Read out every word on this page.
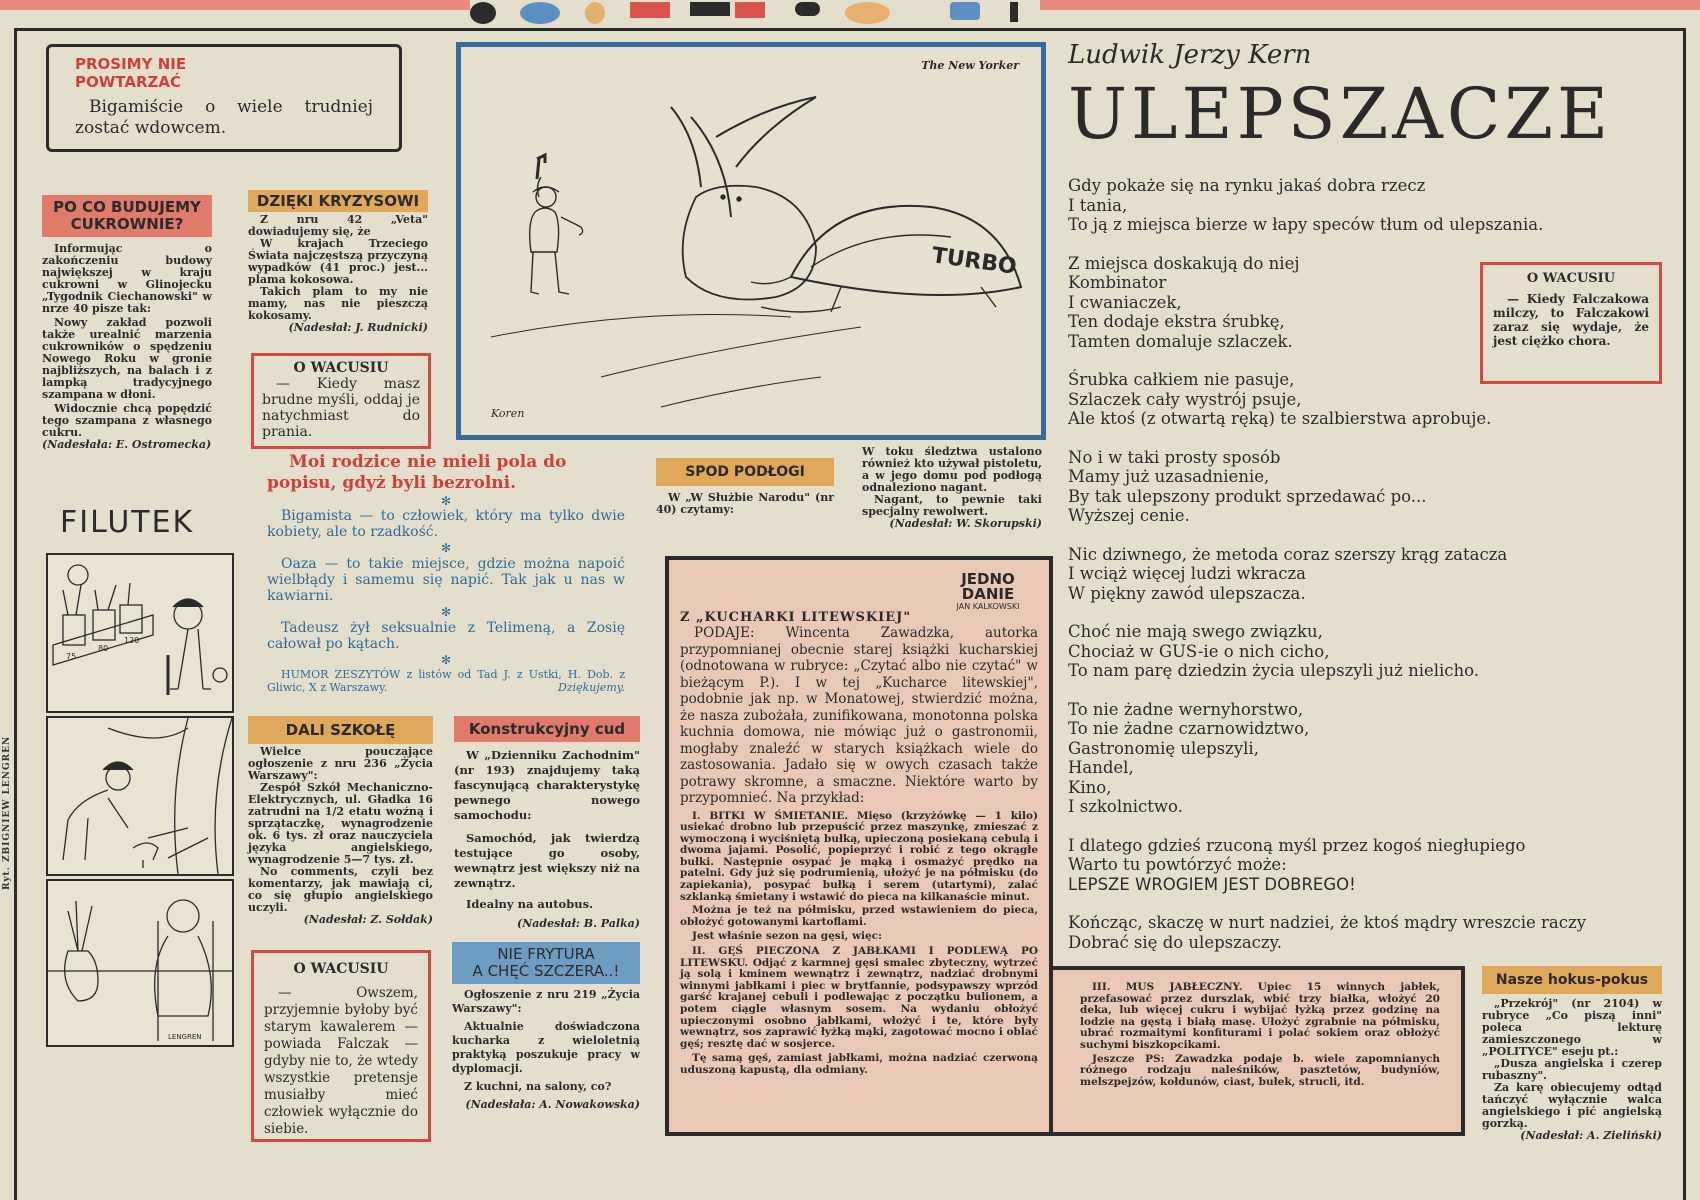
Ryt. ZBIGNIEW LENGREN
PROSIMY NIE
POWTARZAĆ
Bigamiście o wiele trudniej zostać wdowcem.
PO CO BUDUJEMY CUKROWNIE?

Informując o zakończeniu budowy największej w kraju cukrowni w Glinojecku „Tygodnik Ciechanowski" w nrze 40 pisze tak:

Nowy zakład pozwoli także urealnić marzenia cukrowników o spędzeniu Nowego Roku w gronie najbliższych, na balach i z lampką tradycyjnego szampana w dłoni.

Widocznie chcą popędzić tego szampana z własnego cukru.

(Nadesłała: E. Ostromecka)
DZIĘKI KRYZYSOWI

Z nru 42 „Veta" dowiadujemy się, że

W krajach Trzeciego Świata najczęstszą przyczyną wypadków (41 proc.) jest... plama kokosowa.

Takich plam to my nie mamy, nas nie pieszczą kokosamy.

(Nadesłał: J. Rudnicki)
O WACUSIU
— Kiedy masz brudne myśli, oddaj je natychmiast do prania.
The New Yorker
TURBO
Koren
Moi rodzice nie mieli pola do popisu, gdyż byli bezrolni.
✻
Bigamista — to człowiek, który ma tylko dwie kobiety, ale to rzadkość.
✻
Oaza — to takie miejsce, gdzie można napoić wielbłądy i samemu się napić. Tak jak u nas w kawiarni.
✻
Tadeusz żył seksualnie z Telimeną, a Zosię całował po kątach.
✻
HUMOR ZESZYTÓW z listów od Tad J. z Ustki, H. Dob. z Gliwic, X z Warszawy.	Dziękujemy.
FILUTEK
75
80
120
LENGREN
SPOD PODŁOGI

W „W Służbie Narodu" (nr 40) czytamy:

W toku śledztwa ustalono również kto używał pistoletu, a w jego domu pod podłogą odnaleziono nagant.

Nagant, to pewnie taki specjalny rewolwert.

(Nadesłał: W. Skorupski)
DALI SZKOŁĘ

Wielce pouczające ogłoszenie z nru 236 „Życia Warszawy":

Zespół Szkół Mechaniczno-Elektrycznych, ul. Gładka 16 zatrudni na 1/2 etatu woźną i sprzątaczkę, wynagrodzenie ok. 6 tys. zł oraz nauczyciela języka angielskiego, wynagrodzenie 5—7 tys. zł.

No comments, czyli bez komentarzy, jak mawiają ci, co się głupio angielskiego uczyli.

(Nadesłał: Z. Sołdak)
Konstrukcyjny cud

W „Dzienniku Zachodnim" (nr 193) znajdujemy taką fascynującą charakterystykę pewnego nowego samochodu:

Samochód, jak twierdzą testujące go osoby, wewnątrz jest większy niż na zewnątrz.

Idealny na autobus.

(Nadesłał: B. Palka)
O WACUSIU
— Owszem, przyjemnie byłoby być starym kawalerem — powiada Falczak — gdyby nie to, że wtedy wszystkie pretensje musiałby mieć człowiek wyłącznie do siebie.
NIE FRYTURA
A CHĘĆ SZCZERA..!

Ogłoszenie z nru 219 „Życia Warszawy":

Aktualnie doświadczona kucharka z wieloletnią praktyką poszukuje pracy w dyplomacji.

Z kuchni, na salony, co?

(Nadesłała: A. Nowakowska)
JEDNO
DANIE
JAN KALKOWSKI
Z „KUCHARKI LITEWSKIEJ"
PODAJE: Wincenta Zawadzka, autorka przypomnianej obecnie starej książki kucharskiej (odnotowana w rubryce: „Czytać albo nie czytać" w bieżącym P.). I w tej „Kucharce litewskiej", podobnie jak np. w Monatowej, stwierdzić można, że nasza zubożała, zunifikowana, monotonna polska kuchnia domowa, nie mówiąc już o gastronomii, mogłaby znaleźć w starych książkach wiele do zastosowania. Jadało się w owych czasach także potrawy skromne, a smaczne. Niektóre warto by przypomnieć. Na przykład:

I. BITKI W ŚMIETANIE. Mięso (krzyżówkę — 1 kilo) usiekać drobno lub przepuścić przez maszynkę, zmieszać z wymoczoną i wyciśniętą bułką, upieczoną posiekaną cebulą i dwoma jajami. Posolić, popieprzyć i robić z tego okrągłe bułki. Następnie osypać je mąką i osmażyć prędko na patelni. Gdy już się podrumienią, ułożyć je na półmisku (do zapiekania), posypać bułką i serem (utartymi), zalać szklanką śmietany i wstawić do pieca na kilkanaście minut.

Można je też na półmisku, przed wstawieniem do pieca, obłożyć gotowanymi kartoflami.

Jest właśnie sezon na gęsi, więc:

II. GĘŚ PIECZONA Z JABŁKAMI I PODLEWĄ PO LITEWSKU. Odjąć z karmnej gęsi smalec zbyteczny, wytrzeć ją solą i kminem wewnątrz i zewnątrz, nadziać drobnymi winnymi jabłkami i piec w brytfannie, podsypawszy wprzód garść krajanej cebuli i podlewając z początku bulionem, a potem ciągle własnym sosem. Na wydaniu obłożyć upieczonymi osobno jabłkami, włożyć i te, które były wewnątrz, sos zaprawić łyżką mąki, zagotować mocno i oblać gęś; resztę dać w sosjerce.

Tę samą gęś, zamiast jabłkami, można nadziać czerwoną uduszoną kapustą, dla odmiany.

III. MUS JABŁECZNY. Upiec 15 winnych jabłek, przefasować przez durszlak, wbić trzy białka, włożyć 20 deka, lub więcej cukru i wybijać łyżką przez godzinę na lodzie na gęstą i białą masę. Ułożyć zgrabnie na półmisku, ubrać rozmaitymi konfiturami i polać sokiem oraz obłożyć suchymi biszkopcikami.

Jeszcze PS: Zawadzka podaje b. wiele zapomnianych różnego rodzaju naleśników, pasztetów, budyniów, melszpejzów, kołdunów, ciast, bułek, strucli, itd.

Ludwik Jerzy Kern
ULEPSZACZE
Gdy pokaże się na rynku jakaś dobra rzecz
I tania,
To ją z miejsca bierze w łapy speców tłum od ulepszania.
Z miejsca doskakują do niej
Kombinator
I cwaniaczek,
Ten dodaje ekstra śrubkę,
Tamten domaluje szlaczek.
Śrubka całkiem nie pasuje,
Szlaczek cały wystrój psuje,
Ale ktoś (z otwartą ręką) te szalbierstwa aprobuje.
No i w taki prosty sposób
Mamy już uzasadnienie,
By tak ulepszony produkt sprzedawać po...
Wyższej cenie.
Nic dziwnego, że metoda coraz szerszy krąg zatacza
I wciąż więcej ludzi wkracza
W piękny zawód ulepszacza.
Choć nie mają swego związku,
Chociaż w GUS-ie o nich cicho,
To nam parę dziedzin życia ulepszyli już nielicho.
To nie żadne wernyhorstwo,
To nie żadne czarnowidztwo,
Gastronomię ulepszyli,
Handel,
Kino,
I szkolnictwo.
I dlatego gdzieś rzuconą myśl przez kogoś niegłupiego
Warto tu powtórzyć może:
LEPSZE WROGIEM JEST DOBREGO!
Kończąc, skaczę w nurt nadziei, że ktoś mądry wreszcie raczy
Dobrać się do ulepszaczy.
O WACUSIU
— Kiedy Falczakowa milczy, to Falczakowi zaraz się wydaje, że jest ciężko chora.
Nasze hokus-pokus

„Przekrój" (nr 2104) w rubryce „Co piszą inni" poleca lekturę zamieszczonego w „POLITYCE" eseju pt.:

„Dusza angielska i czerep rubaszny".

Za karę obiecujemy odtąd tańczyć wyłącznie walca angielskiego i pić angielską gorzką.

(Nadesłał: A. Zieliński)
